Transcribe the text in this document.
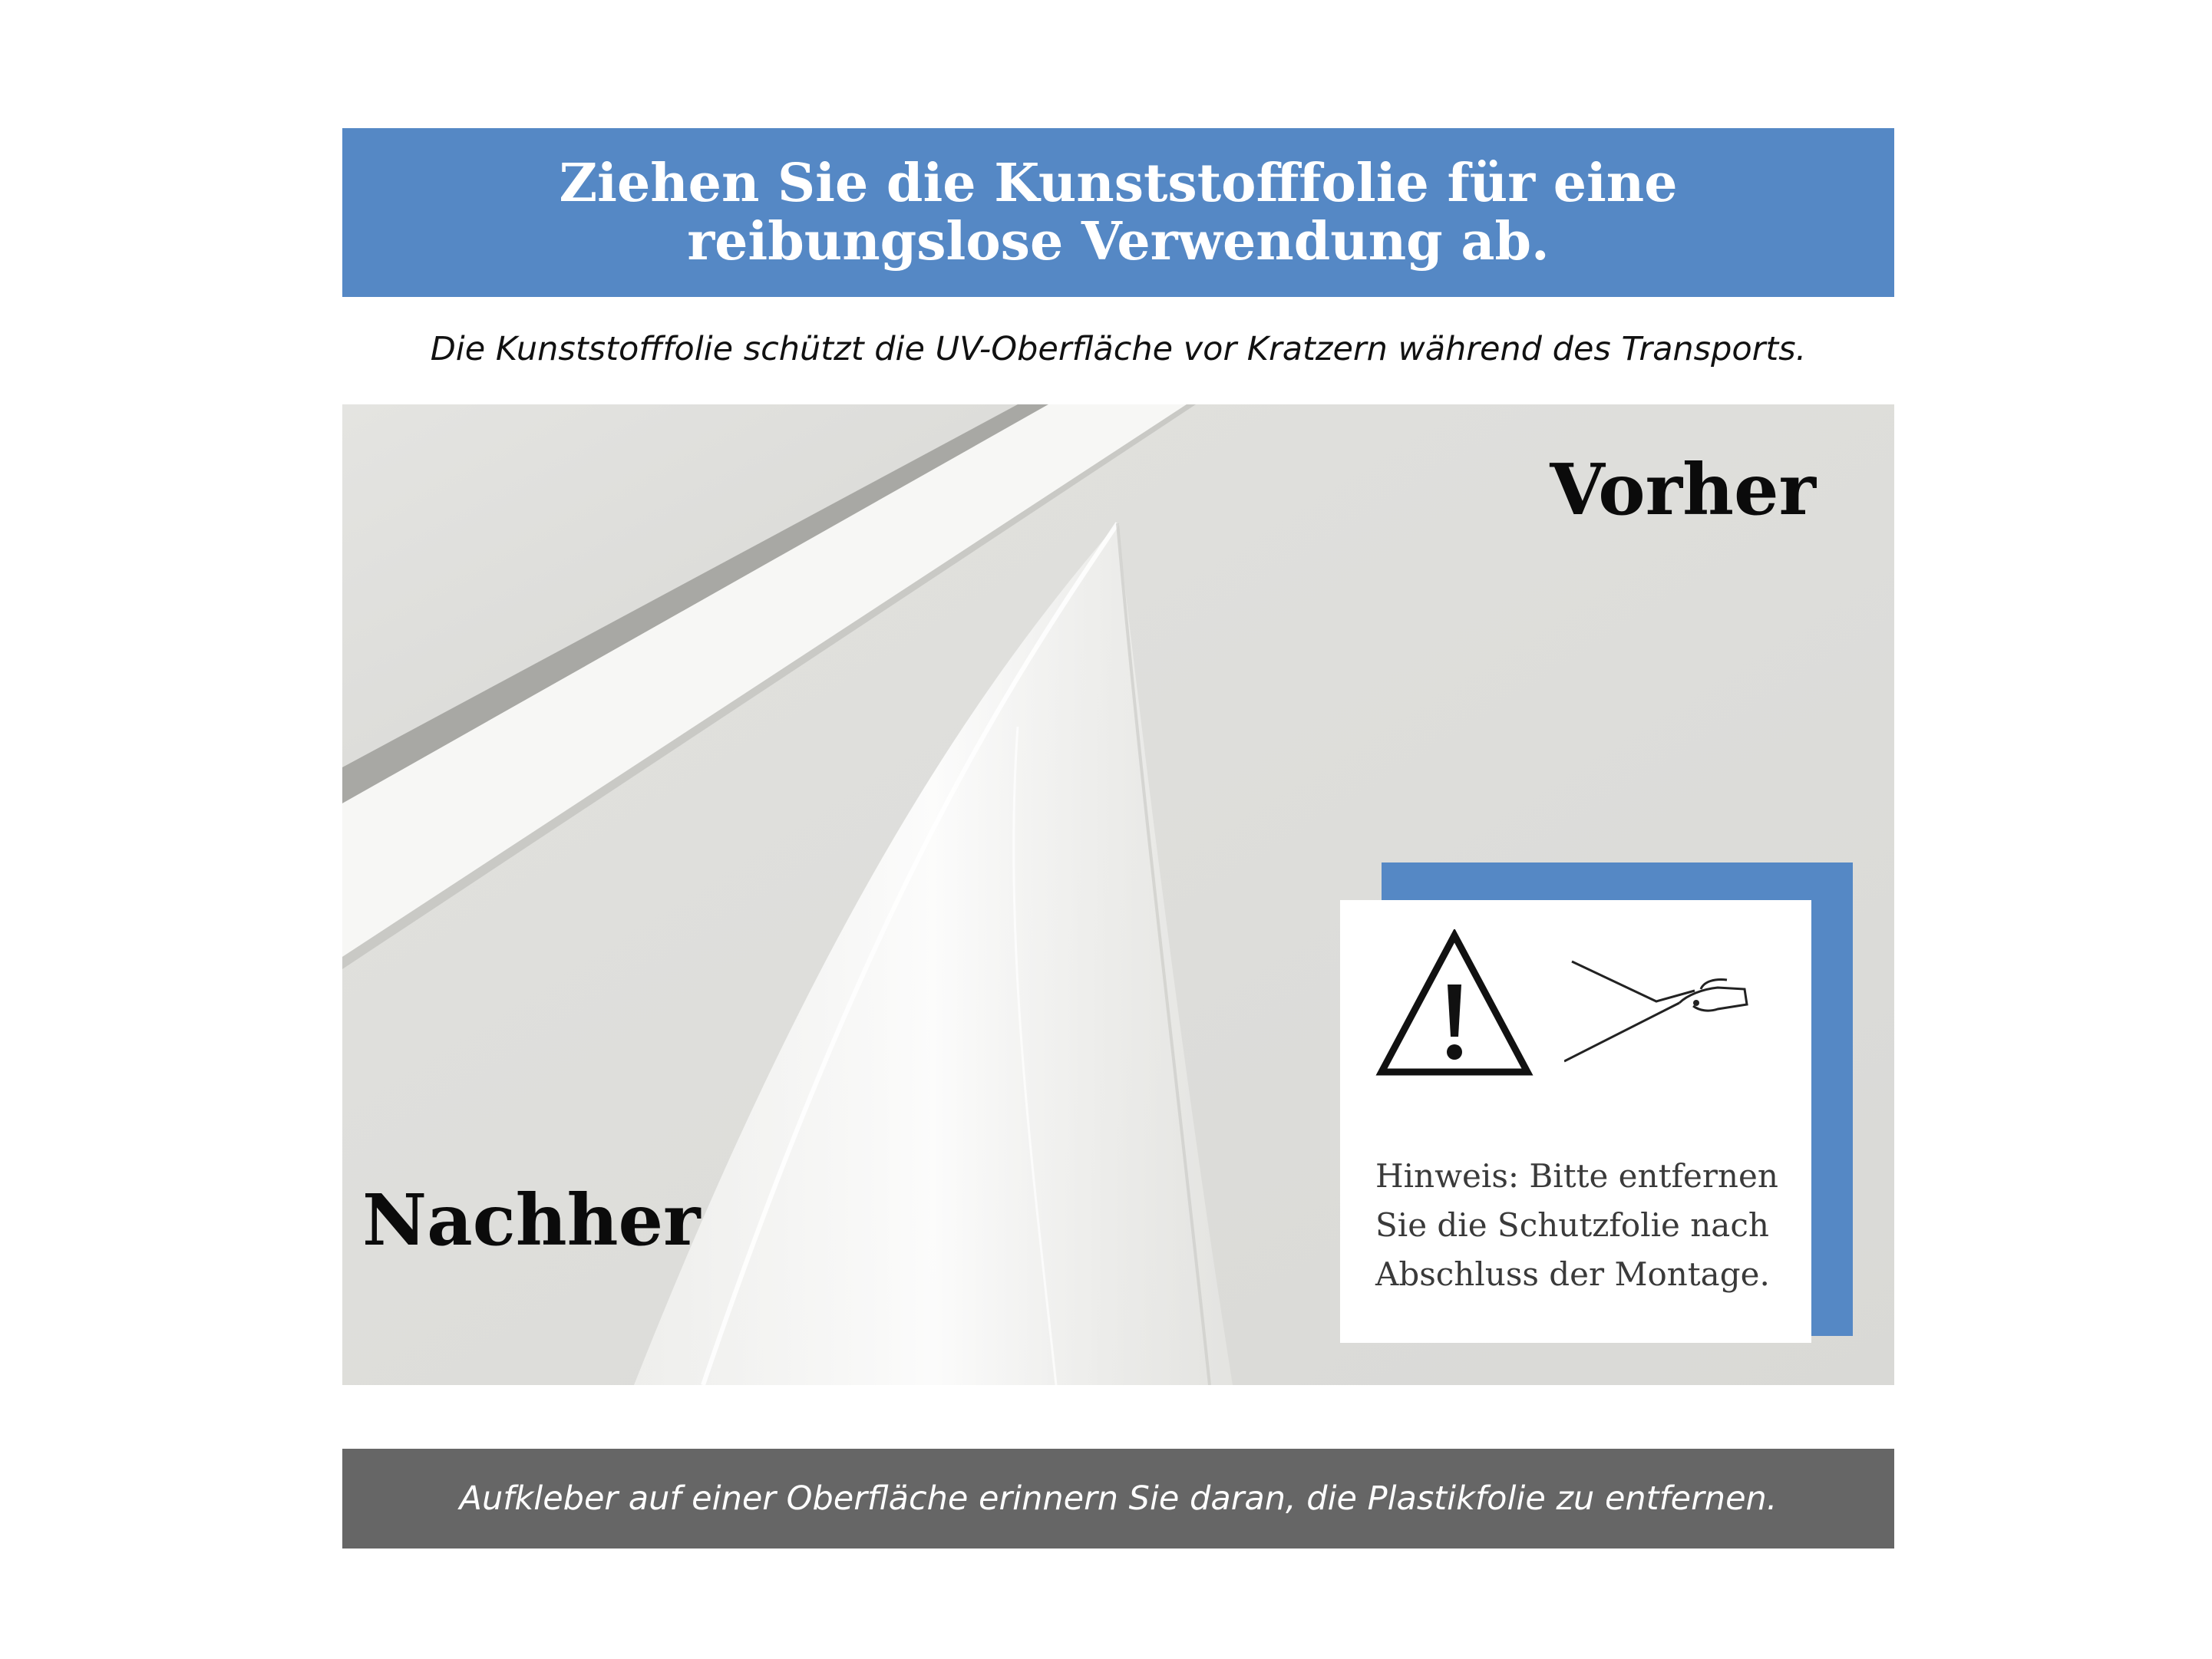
Ziehen Sie die Kunststofffolie für eine
reibungslose Verwendung ab.
Die Kunststofffolie schützt die UV-Oberfläche vor Kratzern während des Transports.
Vorher
Nachher
Hinweis: Bitte entfernen
Sie die Schutzfolie nach
Abschluss der Montage.
Aufkleber auf einer Oberfläche erinnern Sie daran, die Plastikfolie zu entfernen.
